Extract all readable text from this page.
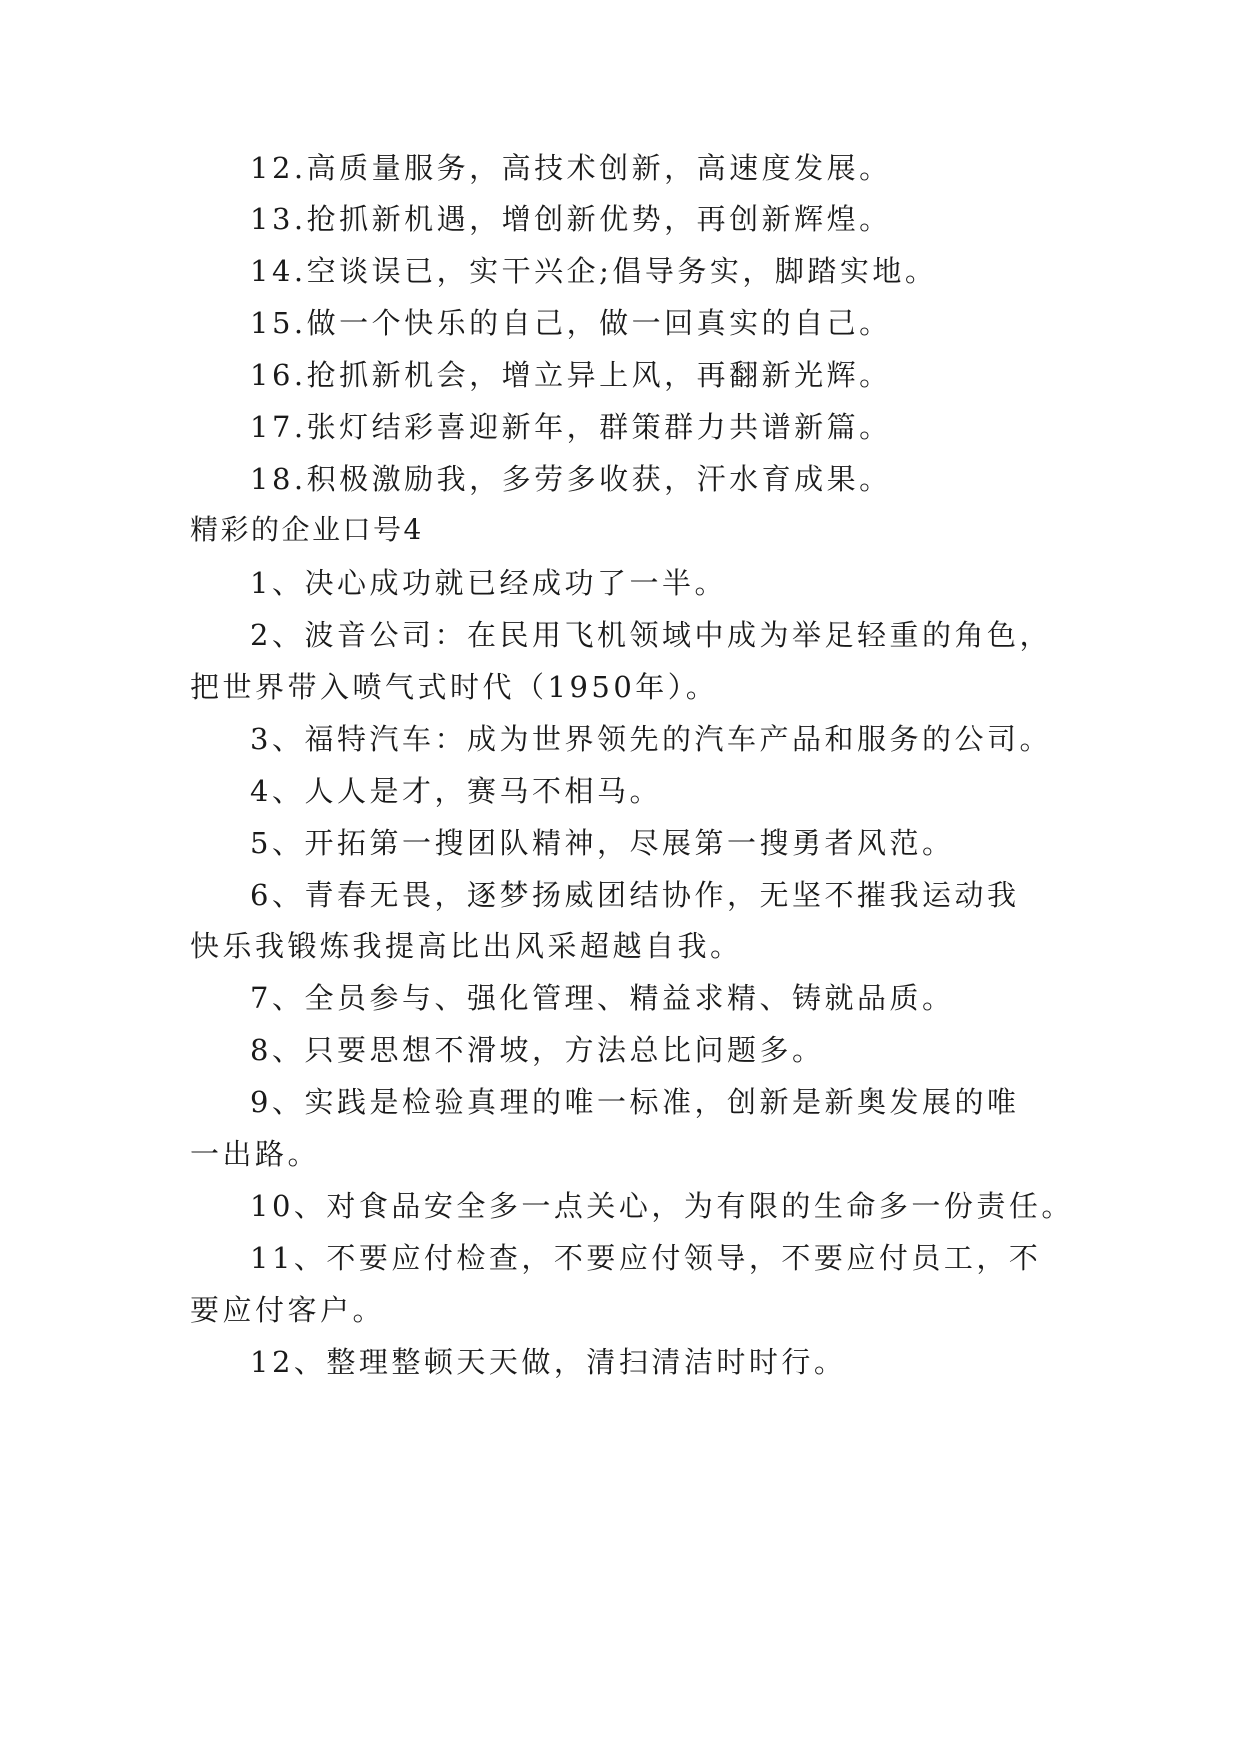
12.高质量服务，高技术创新，高速度发展。
13.抢抓新机遇，增创新优势，再创新辉煌。
14.空谈误已，实干兴企;倡导务实，脚踏实地。
15.做一个快乐的自己，做一回真实的自己。
16.抢抓新机会，增立异上风，再翻新光辉。
17.张灯结彩喜迎新年，群策群力共谱新篇。
18.积极激励我，多劳多收获，汗水育成果。
精彩的企业口号4
1、决心成功就已经成功了一半。
2、波音公司：在民用飞机领域中成为举足轻重的角色，
把世界带入喷气式时代（1950年）。
3、福特汽车：成为世界领先的汽车产品和服务的公司。
4、人人是才，赛马不相马。
5、开拓第一搜团队精神，尽展第一搜勇者风范。
6、青春无畏，逐梦扬威团结协作，无坚不摧我运动我
快乐我锻炼我提高比出风采超越自我。
7、全员参与、强化管理、精益求精、铸就品质。
8、只要思想不滑坡，方法总比问题多。
9、实践是检验真理的唯一标准，创新是新奥发展的唯
一出路。
10、对食品安全多一点关心，为有限的生命多一份责任。
11、不要应付检查，不要应付领导，不要应付员工，不
要应付客户。
12、整理整顿天天做，清扫清洁时时行。
